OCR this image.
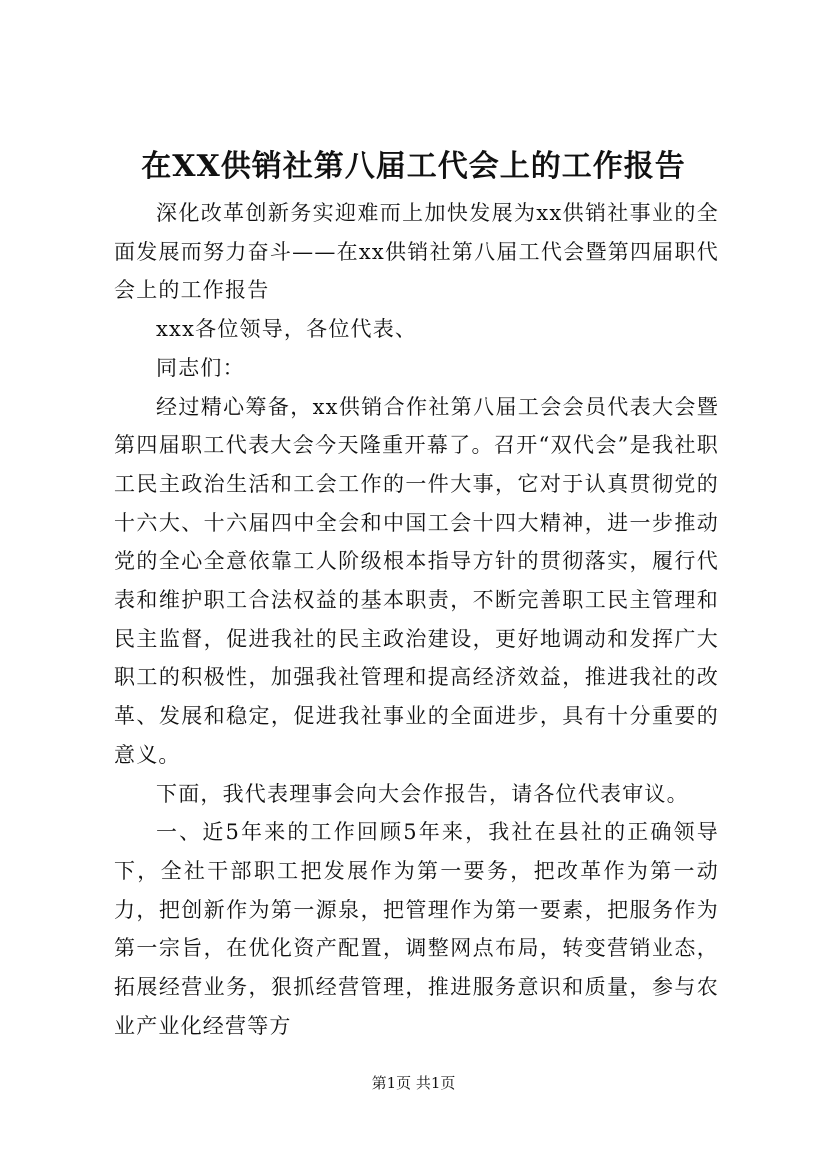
在XX供销社第八届工代会上的工作报告

深化改革创新务实迎难而上加快发展为xx供销社事业的全面发展而努力奋斗——在xx供销社第八届工代会暨第四届职代会上的工作报告

xxx各位领导，各位代表、

同志们：

经过精心筹备，xx供销合作社第八届工会会员代表大会暨第四届职工代表大会今天隆重开幕了。召开“双代会”是我社职工民主政治生活和工会工作的一件大事，它对于认真贯彻党的十六大、十六届四中全会和中国工会十四大精神，进一步推动党的全心全意依靠工人阶级根本指导方针的贯彻落实，履行代表和维护职工合法权益的基本职责，不断完善职工民主管理和民主监督，促进我社的民主政治建设，更好地调动和发挥广大职工的积极性，加强我社管理和提高经济效益，推进我社的改革、发展和稳定，促进我社事业的全面进步，具有十分重要的意义。

下面，我代表理事会向大会作报告，请各位代表审议。

一、近5年来的工作回顾5年来，我社在县社的正确领导下，全社干部职工把发展作为第一要务，把改革作为第一动力，把创新作为第一源泉，把管理作为第一要素，把服务作为第一宗旨，在优化资产配置，调整网点布局，转变营销业态，拓展经营业务，狠抓经营管理，推进服务意识和质量，参与农业产业化经营等方

第1页 共1页
